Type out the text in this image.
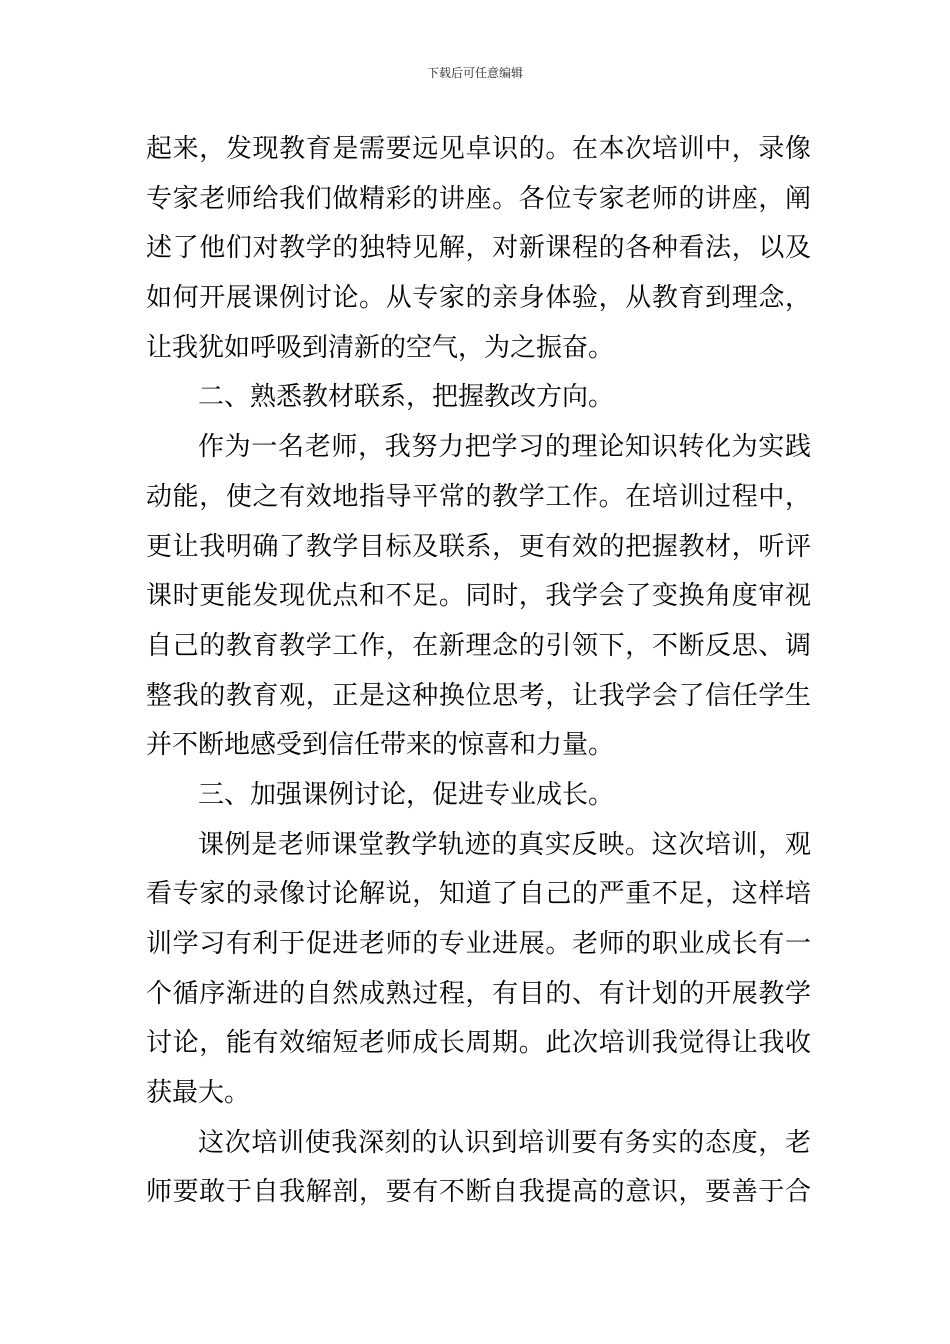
下载后可任意编辑

起来，发现教育是需要远见卓识的。在本次培训中，录像

专家老师给我们做精彩的讲座。各位专家老师的讲座，阐

述了他们对教学的独特见解，对新课程的各种看法，以及

如何开展课例讨论。从专家的亲身体验，从教育到理念，

让我犹如呼吸到清新的空气，为之振奋。

二、熟悉教材联系，把握教改方向。

作为一名老师，我努力把学习的理论知识转化为实践

动能，使之有效地指导平常的教学工作。在培训过程中，

更让我明确了教学目标及联系，更有效的把握教材，听评

课时更能发现优点和不足。同时，我学会了变换角度审视

自己的教育教学工作，在新理念的引领下，不断反思、调

整我的教育观，正是这种换位思考，让我学会了信任学生

并不断地感受到信任带来的惊喜和力量。

三、加强课例讨论，促进专业成长。

课例是老师课堂教学轨迹的真实反映。这次培训，观

看专家的录像讨论解说，知道了自己的严重不足，这样培

训学习有利于促进老师的专业进展。老师的职业成长有一

个循序渐进的自然成熟过程，有目的、有计划的开展教学

讨论，能有效缩短老师成长周期。此次培训我觉得让我收

获最大。

这次培训使我深刻的认识到培训要有务实的态度，老

师要敢于自我解剖，要有不断自我提高的意识，要善于合
